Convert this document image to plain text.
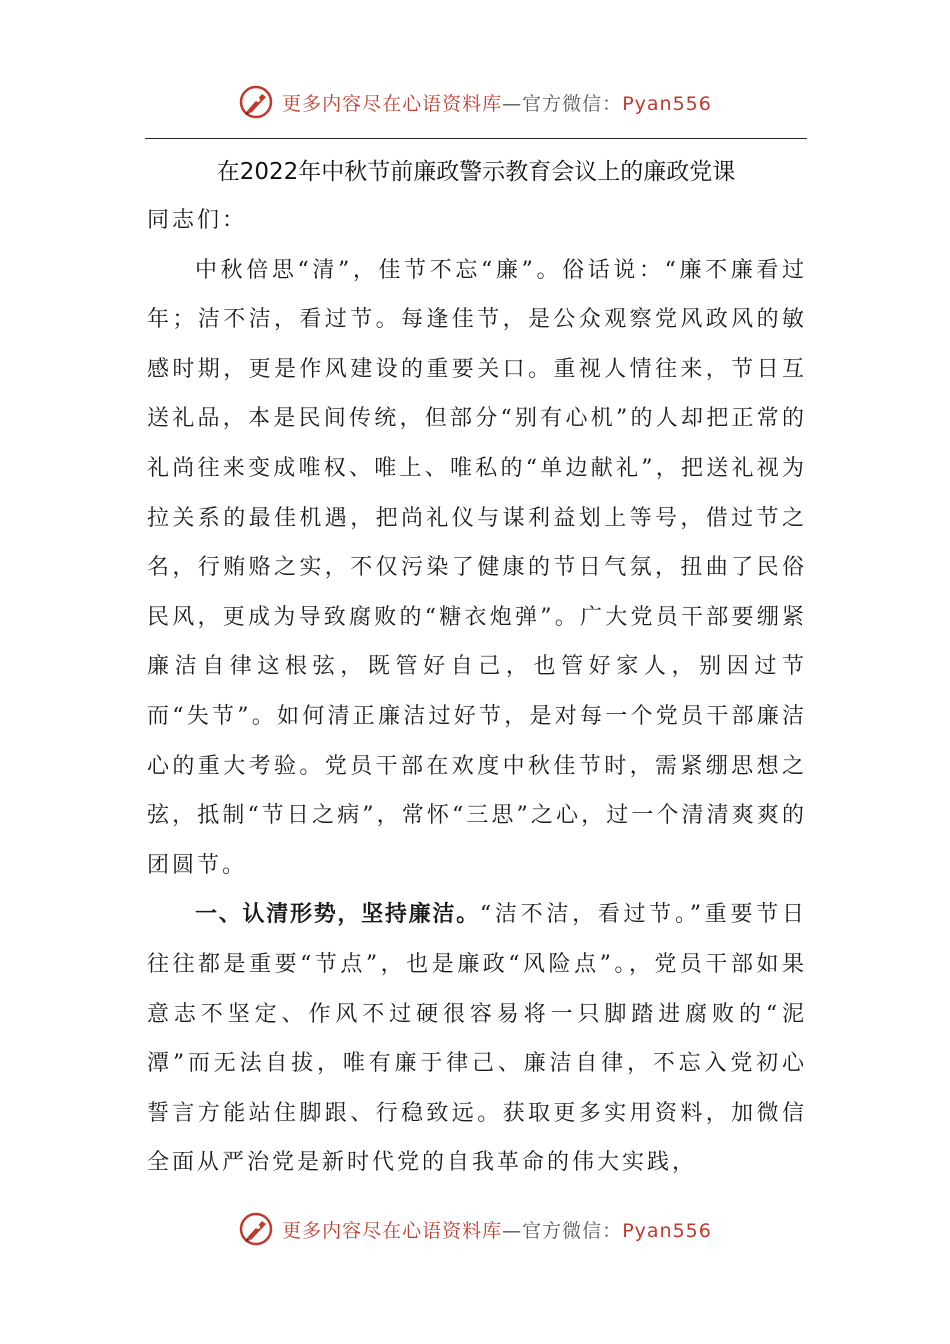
更多内容尽在心语资料库—官方微信：Pyan556
在2022年中秋节前廉政警示教育会议上的廉政党课

同志们：

中秋倍思“清”，佳节不忘“廉”。俗话说：“廉不廉看过年；洁不洁，看过节。每逢佳节，是公众观察党风政风的敏感时期，更是作风建设的重要关口。重视人情往来，节日互送礼品，本是民间传统，但部分“别有心机”的人却把正常的礼尚往来变成唯权、唯上、唯私的“单边献礼”，把送礼视为拉关系的最佳机遇，把尚礼仪与谋利益划上等号，借过节之名，行贿赂之实，不仅污染了健康的节日气氛，扭曲了民俗民风，更成为导致腐败的“糖衣炮弹”。广大党员干部要绷紧廉洁自律这根弦，既管好自己，也管好家人，别因过节而“失节”。如何清正廉洁过好节，是对每一个党员干部廉洁心的重大考验。党员干部在欢度中秋佳节时，需紧绷思想之弦，抵制“节日之病”，常怀“三思”之心，过一个清清爽爽的团圆节。

一、认清形势，坚持廉洁。“洁不洁，看过节。”重要节日往往都是重要“节点”，也是廉政“风险点”。，党员干部如果意志不坚定、作风不过硬很容易将一只脚踏进腐败的“泥潭”而无法自拔，唯有廉于律己、廉洁自律，不忘入党初心誓言方能站住脚跟、行稳致远。获取更多实用资料，加微信 全面从严治党是新时代党的自我革命的伟大实践，

更多内容尽在心语资料库—官方微信：Pyan556
